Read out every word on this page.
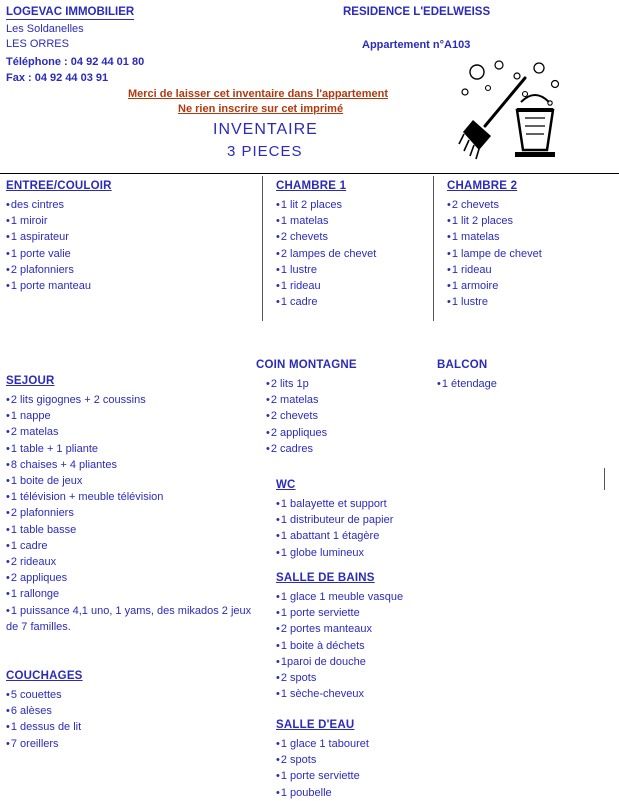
LOGEVAC IMMOBILIER
Les Soldanelles
LES ORRES
Téléphone : 04 92 44 01 80
Fax : 04 92 44 03 91
RESIDENCE L'EDELWEISS
Appartement n°A103
Merci de laisser cet inventaire dans l'appartement
Ne rien inscrire sur cet imprimé
INVENTAIRE
3 PIECES
ENTREE/COULOIR
• des cintres
• 1 miroir
• 1 aspirateur
• 1 porte valie
• 2 plafonniers
• 1 porte manteau
CHAMBRE 1
• 1 lit 2 places
• 1 matelas
• 2 chevets
• 2 lampes de chevet
• 1 lustre
• 1 rideau
• 1 cadre
CHAMBRE 2
• 2 chevets
• 1 lit 2 places
• 1 matelas
• 1 lampe de chevet
• 1 rideau
• 1 armoire
• 1 lustre
SEJOUR
• 2 lits gigognes + 2 coussins
• 1 nappe
• 2 matelas
• 1 table + 1 pliante
• 8 chaises + 4 pliantes
• 1 boite de jeux
• 1 télévision + meuble télévision
• 2 plafonniers
• 1 table basse
• 1 cadre
• 2 rideaux
• 2 appliques
• 1 rallonge
• 1 puissance 4,1 uno, 1 yams, des mikados 2 jeux de 7 familles.
COUCHAGES
• 5 couettes
• 6 alèses
• 1 dessus de lit
• 7 oreillers
COIN MONTAGNE
• 2 lits 1p
• 2 matelas
• 2 chevets
• 2 appliques
• 2 cadres
WC
• 1 balayette et support
• 1 distributeur de papier
• 1 abattant 1 étagère
• 1 globe lumineux
SALLE DE BAINS
• 1 glace 1 meuble vasque
• 1 porte serviette
• 2 portes manteaux
• 1 boite à déchets
• 1paroi de douche
• 2 spots
• 1 sèche-cheveux
SALLE D'EAU
• 1 glace 1 tabouret
• 2 spots
• 1 porte serviette
• 1 poubelle
BALCON
• 1 étendage
